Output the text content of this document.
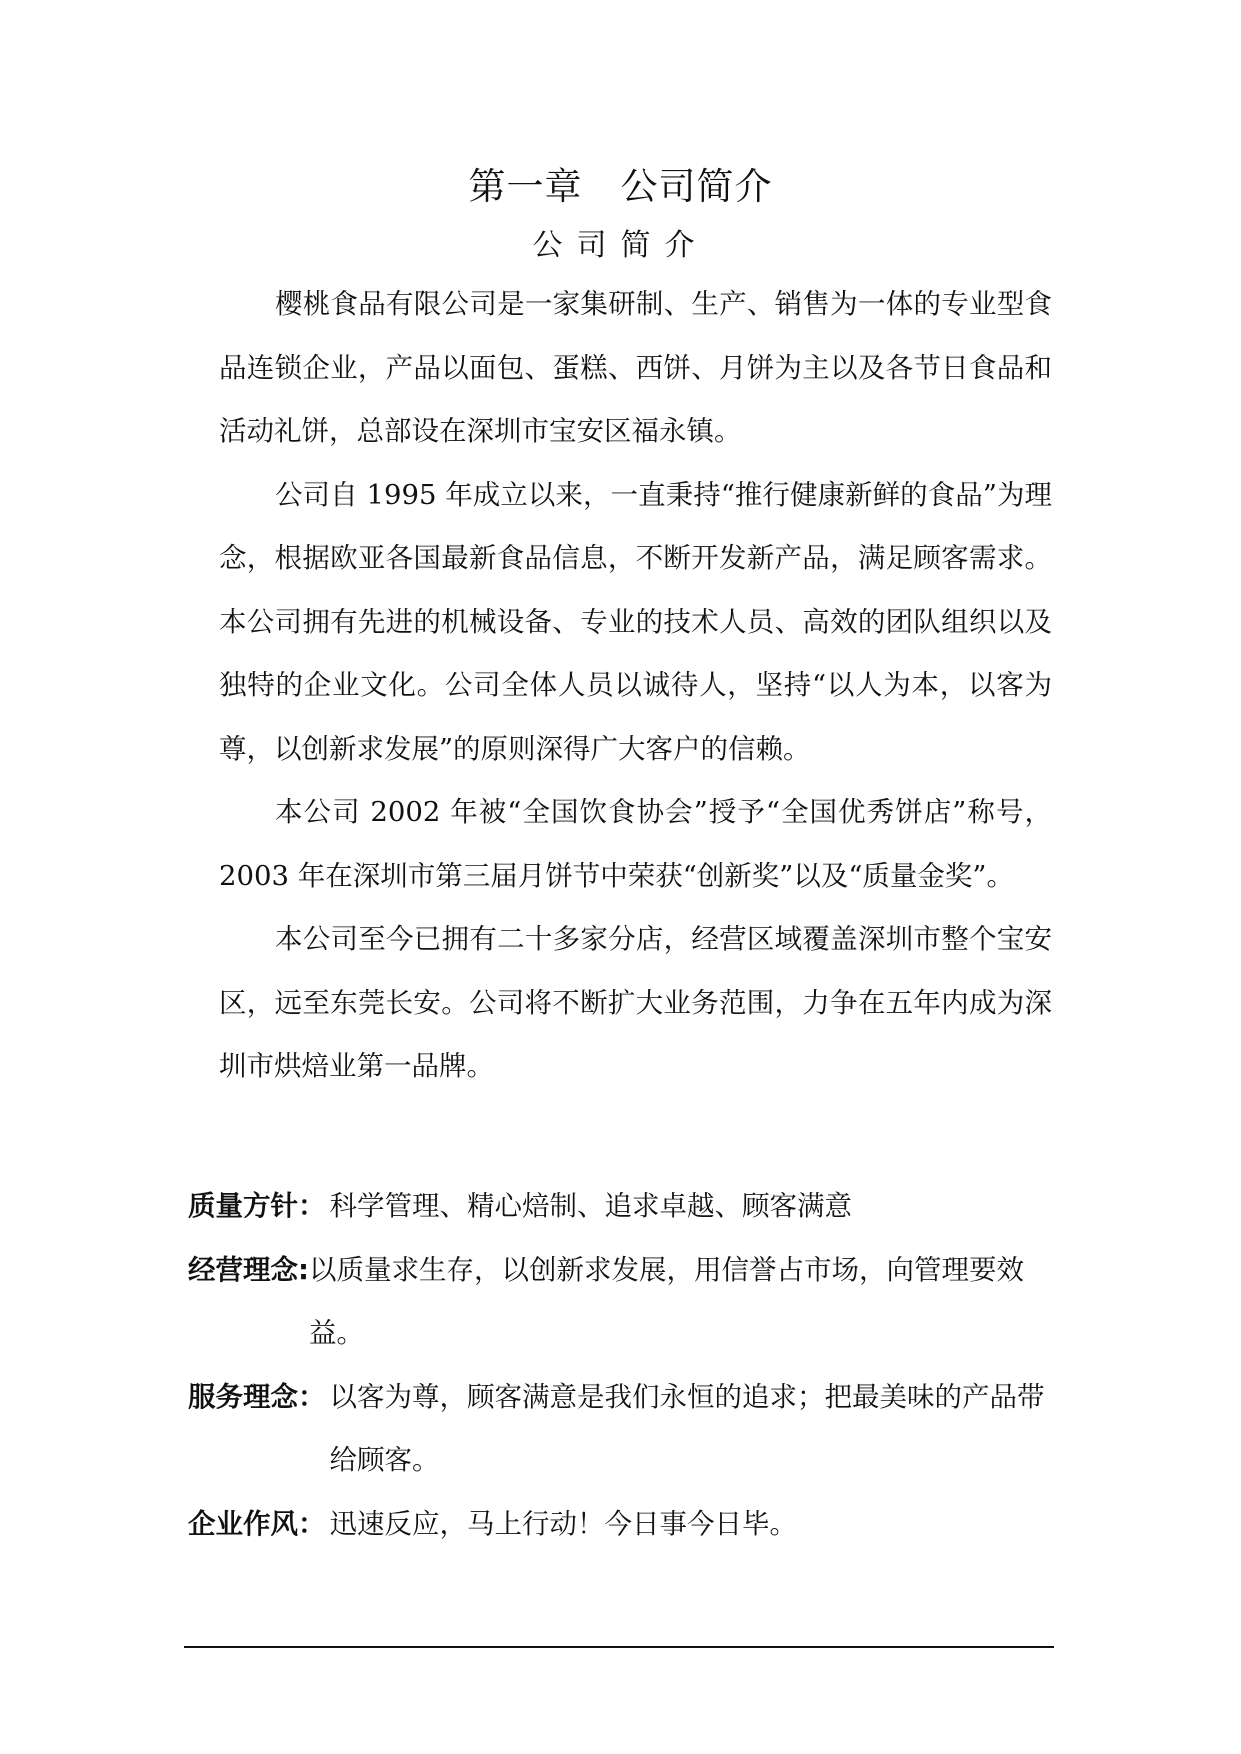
第一章　公司简介
公司简介

樱桃食品有限公司是一家集研制、生产、销售为一体的专业型食品连锁企业，产品以面包、蛋糕、西饼、月饼为主以及各节日食品和活动礼饼，总部设在深圳市宝安区福永镇。

公司自 1995 年成立以来，一直秉持“推行健康新鲜的食品”为理念，根据欧亚各国最新食品信息，不断开发新产品，满足顾客需求。本公司拥有先进的机械设备、专业的技术人员、高效的团队组织以及独特的企业文化。公司全体人员以诚待人，坚持“以人为本，以客为尊，以创新求发展”的原则深得广大客户的信赖。

本公司 2002 年被“全国饮食协会”授予“全国优秀饼店”称号，2003 年在深圳市第三届月饼节中荣获“创新奖”以及“质量金奖”。

本公司至今已拥有二十多家分店，经营区域覆盖深圳市整个宝安区，远至东莞长安。公司将不断扩大业务范围，力争在五年内成为深圳市烘焙业第一品牌。

质量方针： 科学管理、精心焙制、追求卓越、顾客满意
经营理念: 以质量求生存，以创新求发展，用信誉占市场，向管理要效益。
服务理念： 以客为尊，顾客满意是我们永恒的追求；把最美味的产品带给顾客。
企业作风： 迅速反应，马上行动！今日事今日毕。
